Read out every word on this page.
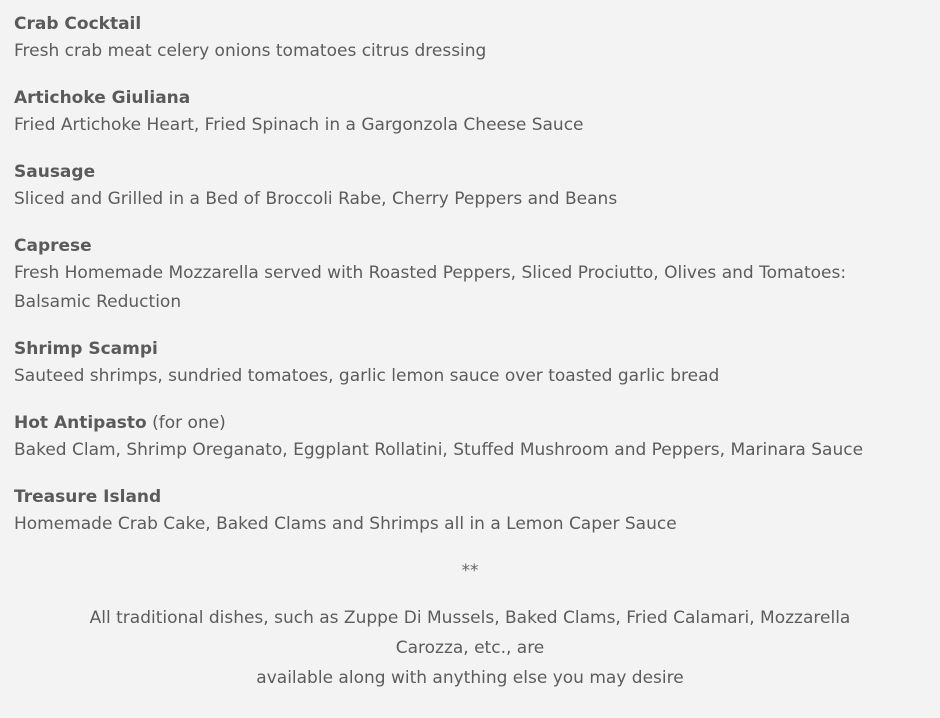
Crab Cocktail
Fresh crab meat celery onions tomatoes citrus dressing
Artichoke Giuliana
Fried Artichoke Heart, Fried Spinach in a Gargonzola Cheese Sauce
Sausage
Sliced and Grilled in a Bed of Broccoli Rabe, Cherry Peppers and Beans
Caprese
Fresh Homemade Mozzarella served with Roasted Peppers, Sliced Prociutto, Olives and Tomatoes:
Balsamic Reduction
Shrimp Scampi
Sauteed shrimps, sundried tomatoes, garlic lemon sauce over toasted garlic bread
Hot Antipasto (for one)
Baked Clam, Shrimp Oreganato, Eggplant Rollatini, Stuffed Mushroom and Peppers, Marinara Sauce
Treasure Island
Homemade Crab Cake, Baked Clams and Shrimps all in a Lemon Caper Sauce
**
All traditional dishes, such as Zuppe Di Mussels, Baked Clams, Fried Calamari, Mozzarella Carozza, etc., are
available along with anything else you may desire
